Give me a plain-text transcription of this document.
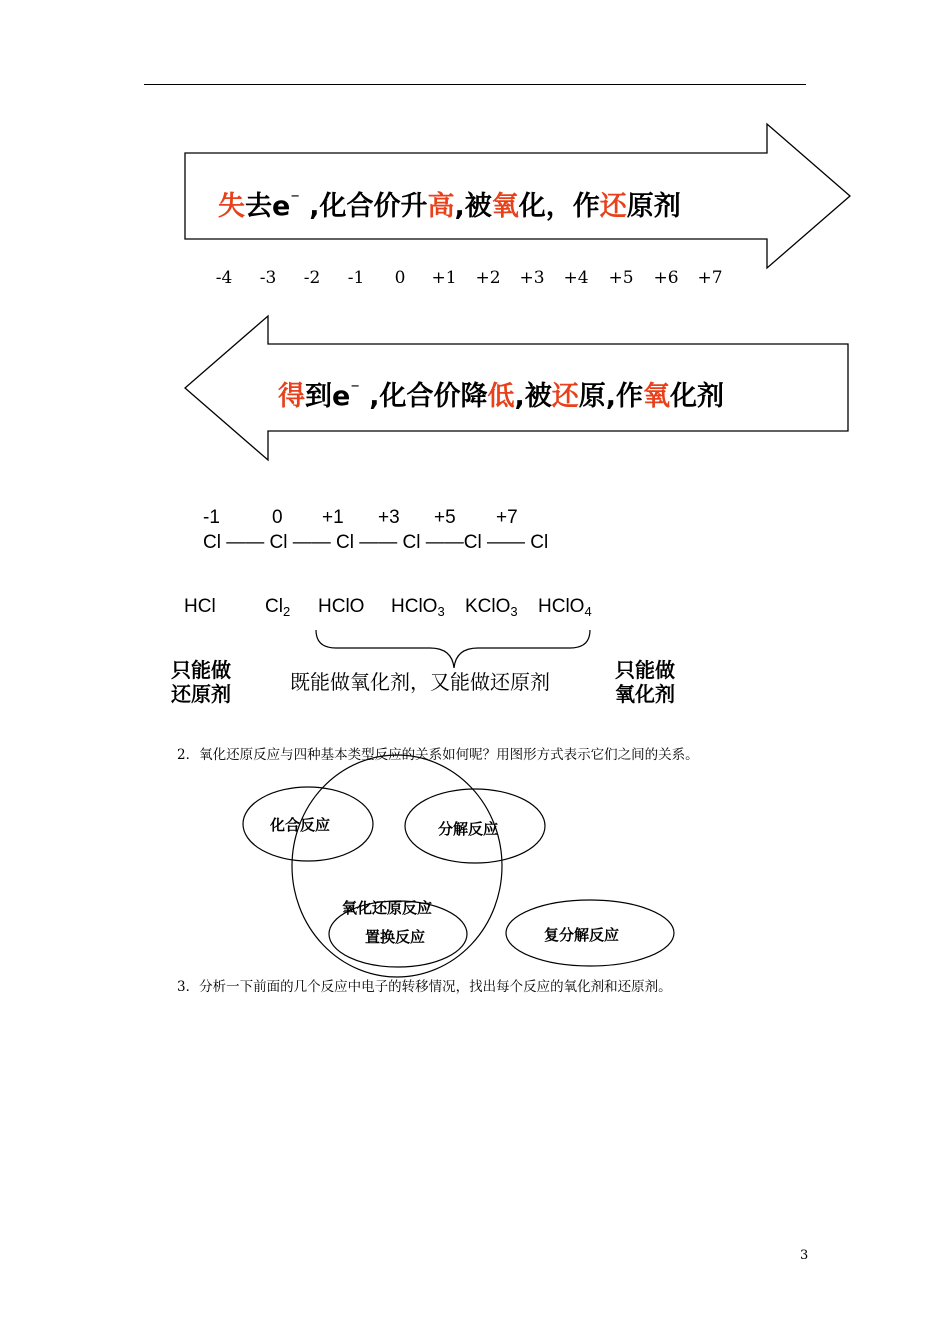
失去e⁻ ,化合价升高,被氧化，作还原剂
-4 -3 -2 -1 0 +1 +2 +3 +4 +5 +6 +7
得到e⁻ ,化合价降低,被还原,作氧化剂
-1	0 +1 +3 +5 +7
Cl —— Cl —— Cl —— Cl ——Cl —— Cl
HCl	$Cl_2$ HClO HClO$_3$ KClO$_3$ HClO$_4$
只能做
还原剂	既能做氧化剂，又能做还原剂	只能做
氧化剂
2．氧化还原反应与四种基本类型反应的关系如何呢？用图形方式表示它们之间的关系。
化合反应	分解反应
氧化还原反应
置换反应	复分解反应
3．分析一下前面的几个反应中电子的转移情况，找出每个反应的氧化剂和还原剂。
3
